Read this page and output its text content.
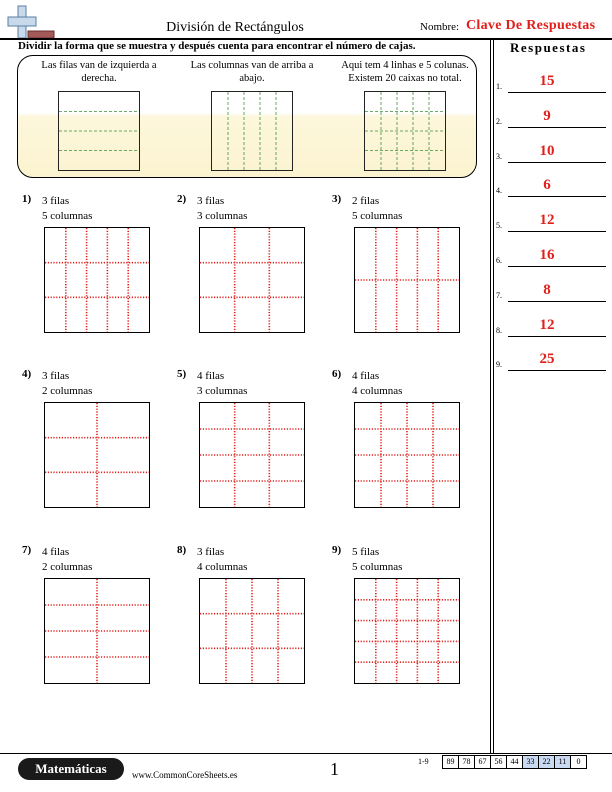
División de Rectángulos	Nombre: Clave De Respuestas
Dividir la forma que se muestra y después cuenta para encontrar el número de cajas.
Las filas van de izquierda a derecha.
Las columnas van de arriba a abajo.
Aqui tem 4 linhas e 5 colunas. Existem 20 caixas no total.
Respuestas
1.	15
2.	9
3.	10
4.	6
5.	12
6.	16
7.	8
8.	12
9.	25
1) 3 filas
5 columnas
2) 3 filas
3 columnas
3) 2 filas
5 columnas
4) 3 filas
2 columnas
5) 4 filas
3 columnas
6) 4 filas
4 columnas
7) 4 filas
2 columnas
8) 3 filas
4 columnas
9) 5 filas
5 columnas
Matemáticas	www.CommonCoreSheets.es	1	1-9	89	78	67	56	44	33	22	11	0
